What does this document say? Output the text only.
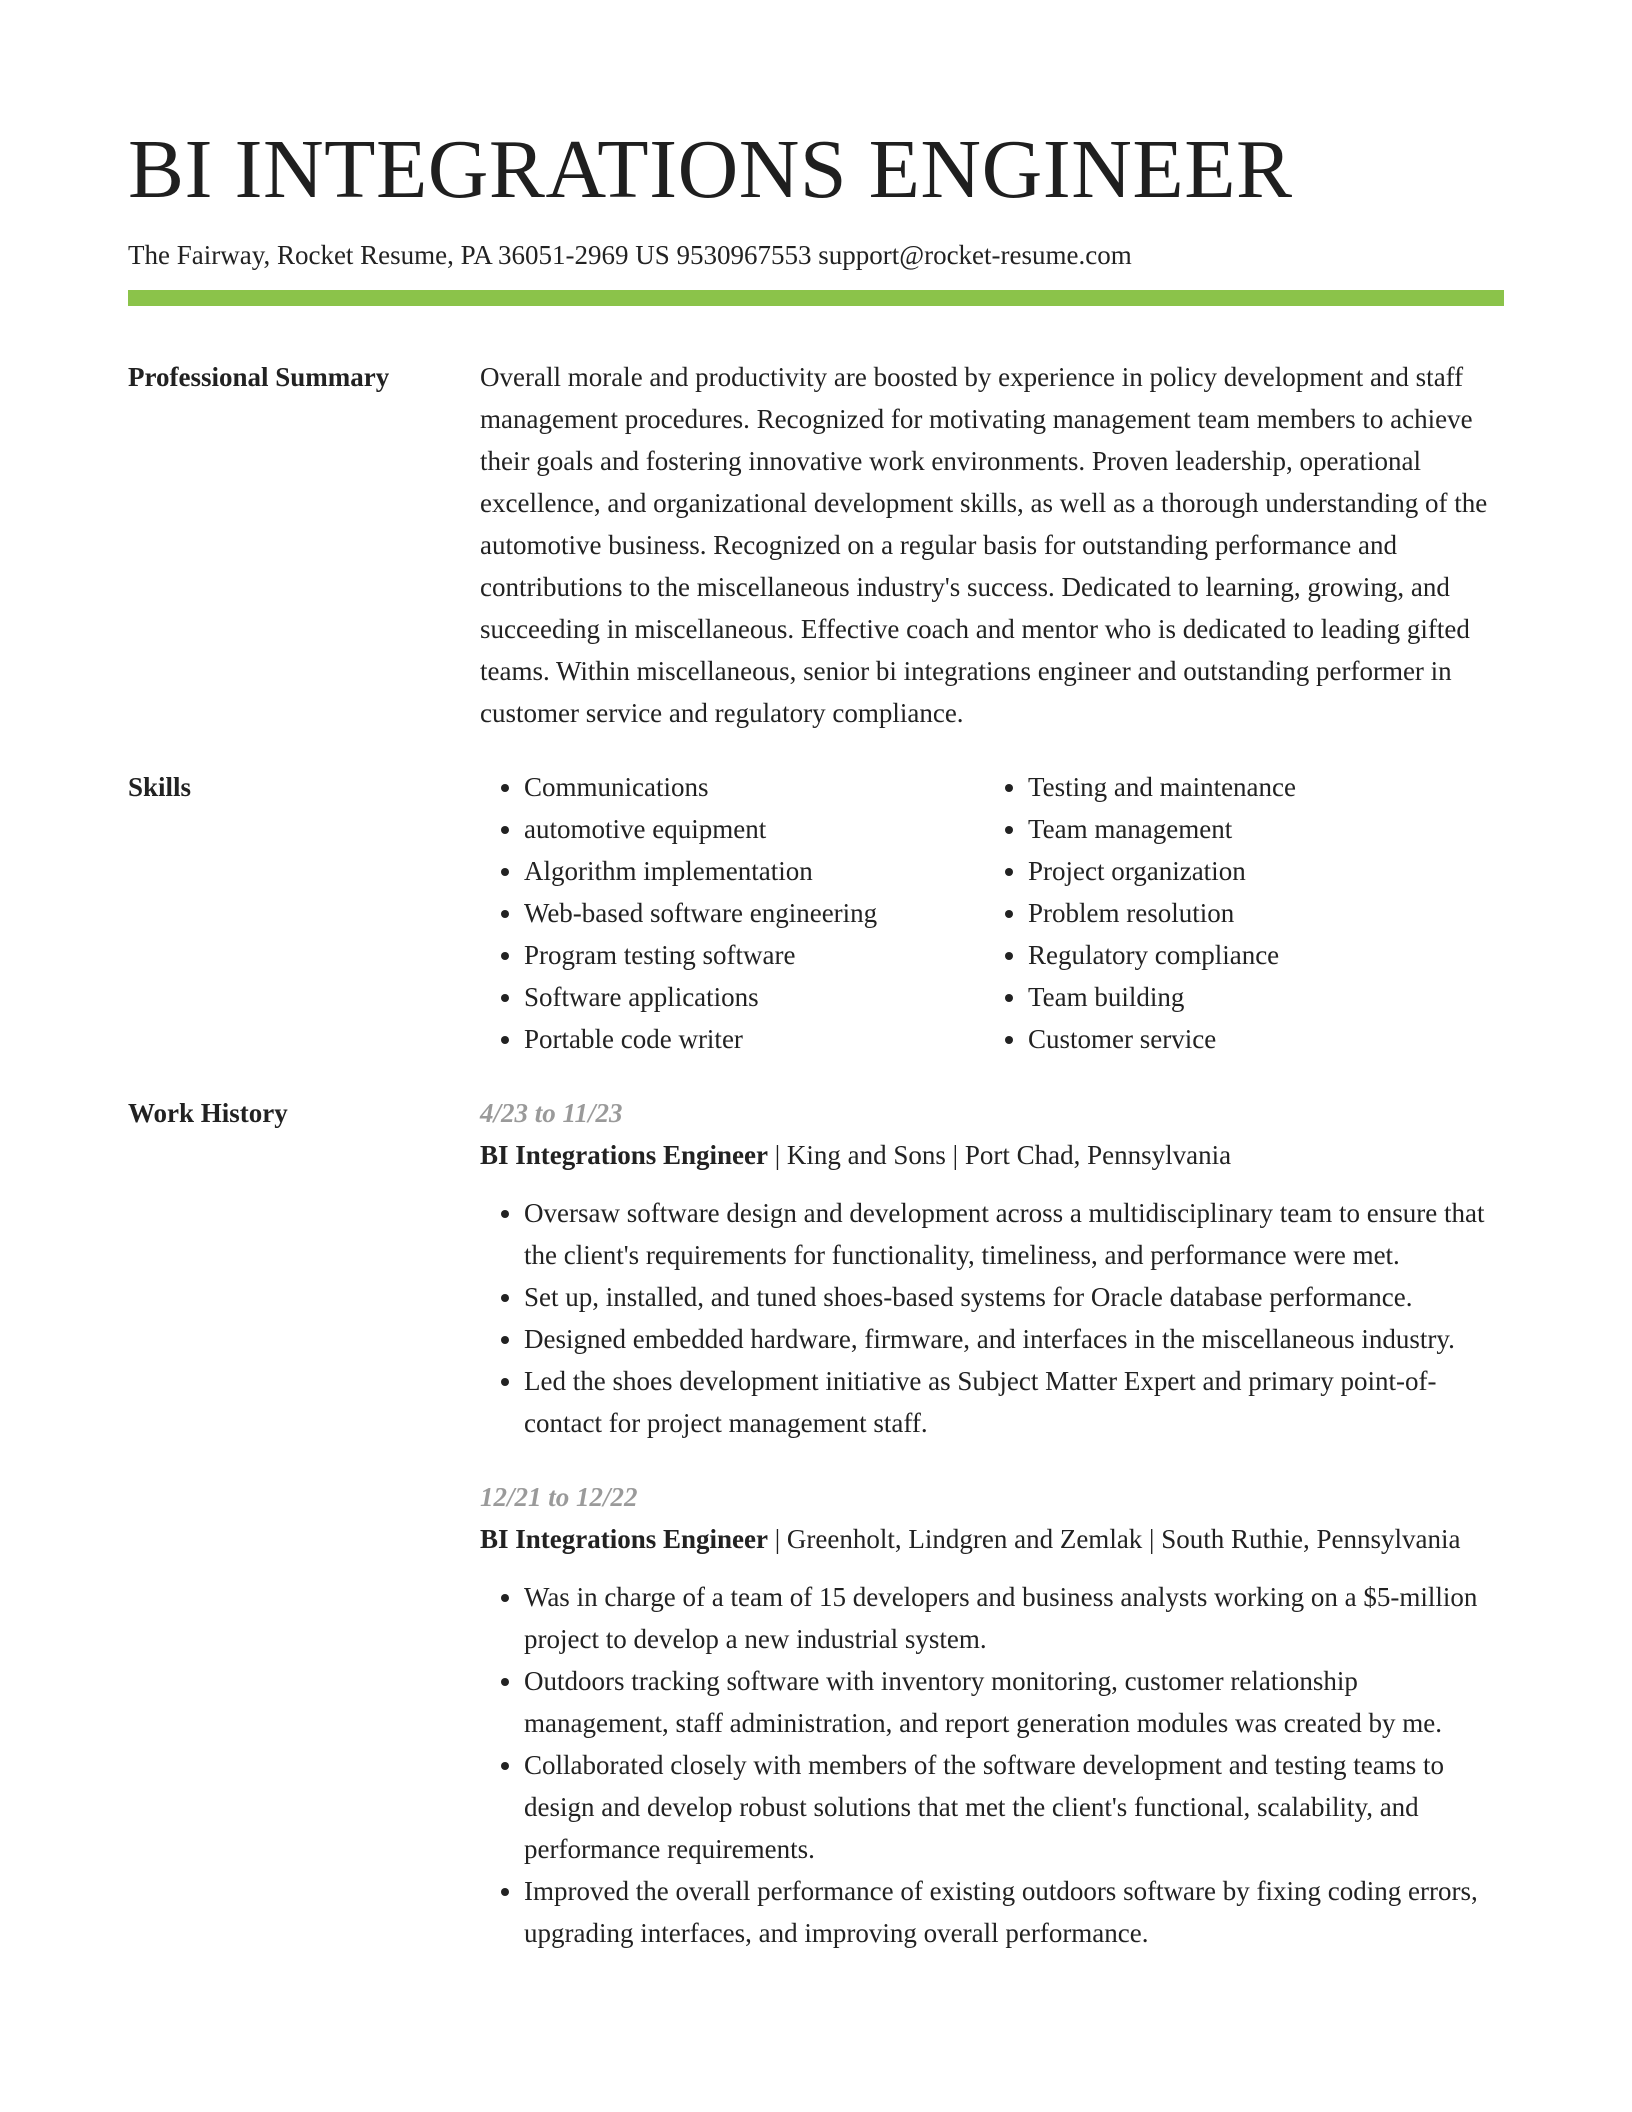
BI INTEGRATIONS ENGINEER
The Fairway, Rocket Resume, PA 36051-2969 US 9530967553 support@rocket-resume.com
Professional Summary	Overall morale and productivity are boosted by experience in policy development and staff management procedures. Recognized for motivating management team members to achieve their goals and fostering innovative work environments. Proven leadership, operational excellence, and organizational development skills, as well as a thorough understanding of the automotive business. Recognized on a regular basis for outstanding performance and contributions to the miscellaneous industry's success. Dedicated to learning, growing, and succeeding in miscellaneous. Effective coach and mentor who is dedicated to leading gifted teams. Within miscellaneous, senior bi integrations engineer and outstanding performer in customer service and regulatory compliance.

Skills
•	Communications
• automotive equipment
• Algorithm implementation
• Web-based software engineering
• Program testing software
• Software applications
• Portable code writer
• Testing and maintenance
• Team management
• Project organization
• Problem resolution
• Regulatory compliance
• Team building
• Customer service
Work History	4/23 to 11/23

BI Integrations Engineer | King and Sons | Port Chad, Pennsylvania

• Oversaw software design and development across a multidisciplinary team to ensure that the client's requirements for functionality, timeliness, and performance were met.
• Set up, installed, and tuned shoes-based systems for Oracle database performance.
• Designed embedded hardware, firmware, and interfaces in the miscellaneous industry.
• Led the shoes development initiative as Subject Matter Expert and primary point-of-contact for project management staff.

12/21 to 12/22

BI Integrations Engineer | Greenholt, Lindgren and Zemlak | South Ruthie, Pennsylvania

• Was in charge of a team of 15 developers and business analysts working on a $5-million project to develop a new industrial system.
• Outdoors tracking software with inventory monitoring, customer relationship management, staff administration, and report generation modules was created by me.
• Collaborated closely with members of the software development and testing teams to design and develop robust solutions that met the client's functional, scalability, and performance requirements.
• Improved the overall performance of existing outdoors software by fixing coding errors, upgrading interfaces, and improving overall performance.
